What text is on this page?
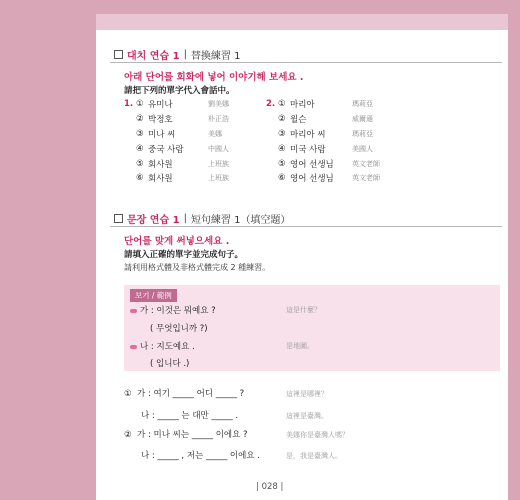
대치 연습 1 | 替換練習 1
아래 단어를 회화에 넣어 이야기해 보세요 .
請把下列的單字代入會話中。
1. ① 유미나	劉美娜
② 박정호	朴正浩
③ 미나 씨	美娜
④ 중국 사람	中國人
⑤ 회사원	上班族
⑥ 회사원	上班族
2. ① 마리아	瑪莉亞
② 윌슨	威爾遜
③ 마리아 씨	瑪莉亞
④ 미국 사람	美國人
⑤ 영어 선생님	英文老師
⑥ 영어 선생님	英文老師
문장 연습 1 | 短句練習 1（填空題）
단어를 맞게 써넣으세요 .
請填入正確的單字並完成句子。
請利用格式體及非格式體完成 2 種練習。
보기 / 範例
가 : 이것은 뭐예요 ?	這是什麼？
( 무엇입니까 ?)
나 : 지도예요 .	是地圖。
( 입니다 .)
① 가 : 여기 _____ 어디 _____ ?	這裡是哪裡？
나 : _____ 는 대만 _____ .	這裡是臺灣。
② 가 : 미나 씨는 _____ 이에요 ?	美娜你是臺灣人嗎？
나 : _____ , 저는 _____ 이에요 .	是，我是臺灣人。
| 028 |
